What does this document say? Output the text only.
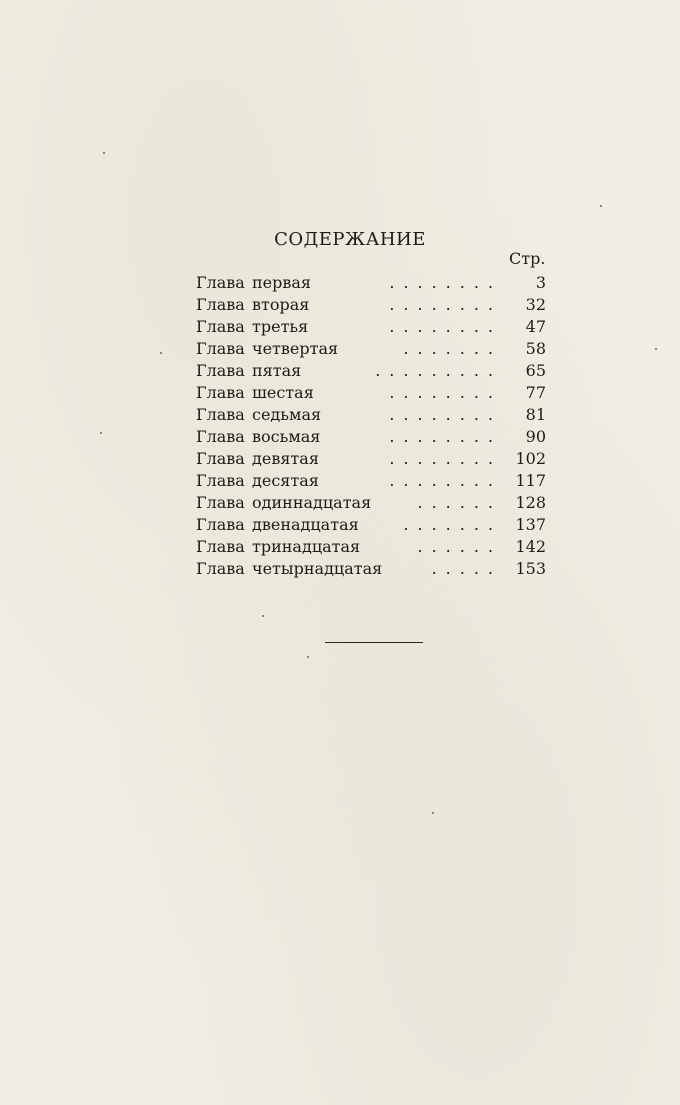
СОДЕРЖАНИЕ
Стр.
Глава первая	........	3
Глава вторая	........	32
Глава третья	........	47
Глава четвертая	.......	58
Глава пятая	.........	65
Глава шестая	........	77
Глава седьмая	........	81
Глава восьмая	........	90
Глава девятая	........ 102
Глава десятая	........ 117
Глава одиннадцатая	...... 128
Глава двенадцатая	....... 137
Глава тринадцатая	...... 142
Глава четырнадцатая	..... 153
